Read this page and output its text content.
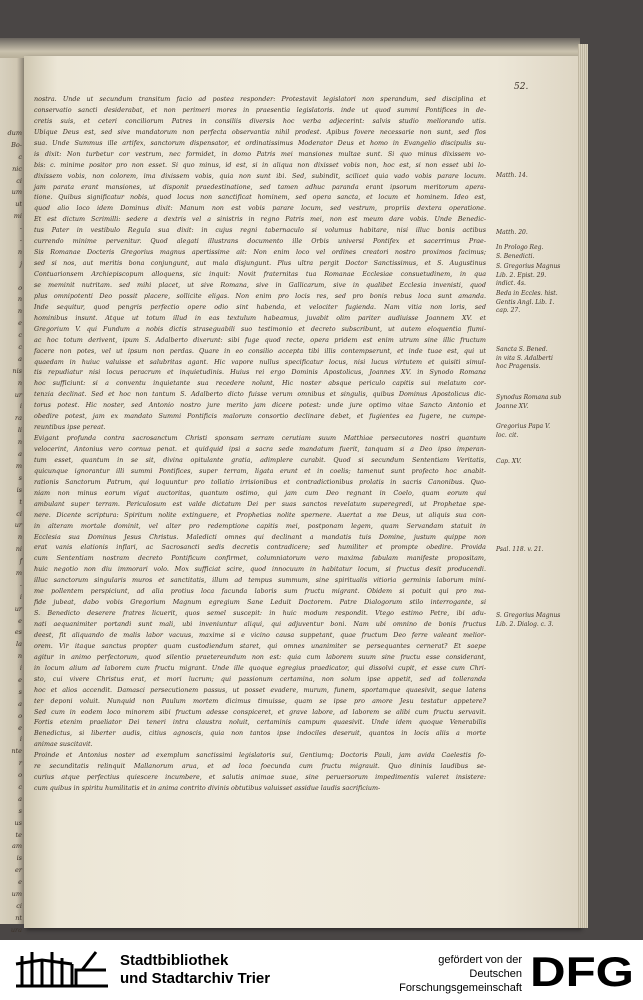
dum
Bo-
c
nic
ci
um
ut
mi
-
-
n
j
o
n
n
e
c
c
a
nis
n
ur
i
ra
li
n
a
m
s
is
t
ci
ur
n
ni
f
m
-
i
ur
e
es
la
n
i
e
s
a
o
e
i
nte
r
o
c
a
s
us
te
am
is
er
e
um
ci
nt
ura
52.
nostra. Unde ut secundum transitum facio ad postea responder: Protestavit legislatori non sperandum, sed disciplina et
conservatio sancti desiderabat, et non perimeri mores in praesentia legislatoris. inde ut quod summi Pontifices in de-
cretis suis, et ceteri conciliorum Patres in consiliis diversis hoc verba adjecerint: salvis studio meliorando utis.
Ubique Deus est, sed sive mandatorum non perfecta observantia nihil prodest. Apibus fovere necessarie non sunt, sed flos
sua. Unde Summus ille artifex, sanctorum dispensator, et ordinatissimus Moderator Deus et homo in Evangelio discipulis su-
is dixit: Non turbetur cor vestrum, nec formidet, in domo Patris mei mansiones multae sunt. Si quo minus dixissem vo-
bis: c. minime positor pro non esset. Si quo minus, id est, si in aliqua non dixisset vobis non, hoc est, si non esset ubi lo-
dixissem vobis, non colorem, ima dixissem vobis, quia non sunt ibi. Sed, subindit, scilicet quia vado vobis parare locum.
jam parata erant mansiones, ut disponit praedestinatione, sed tamen adhuc paranda erant ipsorum meritorum apera-
tione. Quibus significatur nobis, quod locus non sanctificat hominem, sed opera sancta, et locum et hominem. Ideo est,
quod alio loco idem Dominus dixit: Manum non est vobis parare locum, sed vestrum, propriis dextera operatione.
Et est dictum Scrimilli: sedere a dextris vel a sinistris in regno Patris mei, non est meum dare vobis. Unde Benedic-
tus Pater in vestibulo Regula sua dixit: in cujus regni tabernaculo si volumus habitare, nisi illuc bonis actibus
currendo minime pervenitur. Quod alegati illustrans documento ille Orbis universi Pontifex et sacerrimus Prae-
Sis Romanae Docteris Gregorius magnus apertissime ait: Non enim loco vel ordines creatori nostro proximos facimus;
sed si nos, aut meritis bona conjungunt, aut mala disjungunt. Plus ultra pergit Doctor Sanctissimus, et S. Augustinus
Contuarionsem Archiepiscopum alloquens, sic inquit: Novit fraternitas tua Romanae Ecclesiae consuetudinem, in qua
se meminit nutritam. sed mihi placet, ut sive Romana, sive in Gallicarum, sive in qualibet Ecclesia invenisti, quod
plus omnipotenti Deo possit placere, sollicite eligas. Non enim pro locis res, sed pro bonis rebus loca sunt amanda.
Inde sequitur, quod pengris perfectio opere odio sint habenda, et velociter fugienda. Nam vitia non loris, sed
hominibus insunt. Atque ut totum illud in eas textulum habeamus, juvabit olim pariter audiuisse Joannem XV. et
Gregorium V. qui Fundum a nobis dictis straseguabili suo testimonio et decreto subscribunt, ut autem eloquentia flumi-
ac hoc totum derivent, ipum S. Adalberto dixerunt: sibi fuge quod recte, opera pridem est enim utrum sine illic fructum
facere non potes, vel ut ipsum non perdas. Quare in eo consilio accepta tibi illis contempserunt, et inde tuae est, qui ut
quaedam in huiuc valuisse et salubritas agant. Hic vapore nullus specificatur locus, nisi lucus virtutem et quisiti simul-
tis repudiatur nisi locus peracrum et inquietudinis. Huius rei ergo Dominis Apostolicus, Joannes XV. in Synodo Romana
hoc sufficiunt: si a conventu inquietante sua recedere nolunt, Hic noster absque periculo capitis sui melatum cor-
tenzia declinat. Sed et hoc non tantum S. Adalberto dicto fuisse verum omnibus et singulis, quibus Dominus Apostolicus dic-
torus potest. Hic noster, sed Antonio nostro jure merito jam dicere potest: unde jure optimo vitae Sancto Antonio et
obedire potest, jam ex mandato Summi Pontificis malorum consortio declinare debet, et fugientes ea fugere, ne cumpe-
reuntibus ipse pereat.
Evigant profunda contra sacrosanctum Christi sponsam serram cerutiam suum Matthiae persecutores nostri quantum
velocerint, Antonius vero cornua penat. et quidquid ipsi a sacra sede mandatum fuerit, tanquam si a Deo ipso imperan-
tum esset, quantum in se sit, divina opitulante gratia, adimplere curabit. Quod si secundum Sententiam Veritatis,
quicunque ignorantur illi summi Pontifices, super terram, ligata erunt et in coelis; tamenut sunt profecto hoc anabit-
rationis Sanctorum Patrum, qui loquuntur pro tollatio irrisionibus et contradictionibus prolatis in sacris Canonibus. Quo-
niam non minus eorum vigat auctoritas, quantum ostimo, qui jam cum Deo regnant in Coelo, quam eorum qui
ambulant super terram. Periculosum est valde dictatum Dei per suas sanctos revelatum superegredi, ut Prophetae spe-
nere. Dicente scriptura: Spiritum nolite extinguere, et Prophetias nolite spernere. Auertat a me Deus, ut aliquis sua con-
in alteram mortale dominit, vel alter pro redemptione capitis mei, postponam legem, quam Servandam statuit in
Ecclesia sua Dominus Jesus Christus. Maledicti omnes qui declinant a mandatis tuis Domine, justum quippe non
erat vanis elationis inflari, ac Sacrosancti sedis decretis contradicere; sed humiliter et prompte obedire. Provida
cum Sententiam nostram decreto Pontificum confirmet, columniatorum vero maxima fabulam manifeste propositam,
huic negotio non diu immorari volo. Mox sufficiat scire, quod innocuum in habitatur locum, si fructus desit producendi.
illuc sanctorum singularis muros et sanctitatis, illum ad tempus summum, sine spiritualis vitioria germinis laborum mini-
me pollentem perspiciunt, ad alia protius loca facunda laboris sum fructu migrant. Obidem si potuit qui pro ma-
fide jubeat, dabo vobis Gregorium Magnum egregium Sane Leduit Doctorem. Patre Dialogorum stilo interrogante, si
S. Benedicto deserere fratres licuerit, quos semel suscepit: in huic modum respondit. Vtego estimo Petre, ibi adu-
nati aequanimiter portandi sunt mali, ubi inveniuntur aliqui, qui adjuventur boni. Nam ubi omnino de bonis fructus
deest, fit aliquando de malis labor vacuus, maxime si e vicino causa suppetant, quae fructum Deo ferre valeant melior-
orem. Vir itaque sanctus propter quam custodiendum staret, qui omnes unanimiter se persequantes cernerat? Et saepe
agitur in animo perfectorum, quod silentio praetereundum non est: quia cum laborem suum sine fructu esse considerant,
in locum alium ad laborem cum fructu migrant. Unde ille quoque egregius praedicator, qui dissolvi cupit, et esse cum Chri-
sto, cui vivere Christus erat, et mori lucrum; qui passionum certamina, non solum ipse appetit, sed ad tolleranda
hoc et alios accendit. Damasci persecutionem passus, ut posset evadere, murum, funem, sportamque quaesivit, seque latens
ter deponi voluit. Nunquid non Paulum mortem dicimus timuisse, quam se ipse pro amore Jesu testatur appetere?
Sed cum in eodem loco minorem sibi fructum adesse conspiceret, et grave labore, ad laborem se alibi cum fructu servavit.
Fortis etenim praeliator Dei teneri intra claustra noluit, certaminis campum quaesivit. Unde idem quoque Venerabilis
Benedictus, si liberter audis, citius agnoscis, quia non tantos ipse indociles deseruit, quantos in locis aliis a morte
animae suscitavit.
Proinde et Antonius noster ad exemplum sanctissimi legislatoris sui, Gentiumq; Doctoris Pauli, jam avida Caelestis fo-
re secunditatis relinquit Mallanorum arua, et ad loca foecunda cum fructu migrauit. Quo dininis laudibus se-
curius atque perfectius quiescere incumbere, et salutis animae suae, sine peruersorum impedimentis valeret insistere:
cum quibus in spiritu humilitatis et in anima contrito divinis obtutibus valuisset assidue laudis sacrificium-
Matth. 14.
Matth. 20.
In Prologo Reg.
S. Benedicti.
S. Gregorius Magnus
Lib. 2. Epist. 29.
indict. 4s.
Beda in Eccles. hist.
Gentis Angl. Lib. 1.
cap. 27.
Sancta S. Bened.
in vita S. Adalberti
hoc Pragensis.
Synodus Romana sub
Joanne XV.
Gregorius Papa V.
loc. cit.
Cap. XV.
Psal. 118. v. 21.
S. Gregorius Magnus
Lib. 2. Dialog. c. 3.
Stadtbibliothek
und Stadtarchiv Trier
gefördert von der
Deutschen Forschungsgemeinschaft DFG
